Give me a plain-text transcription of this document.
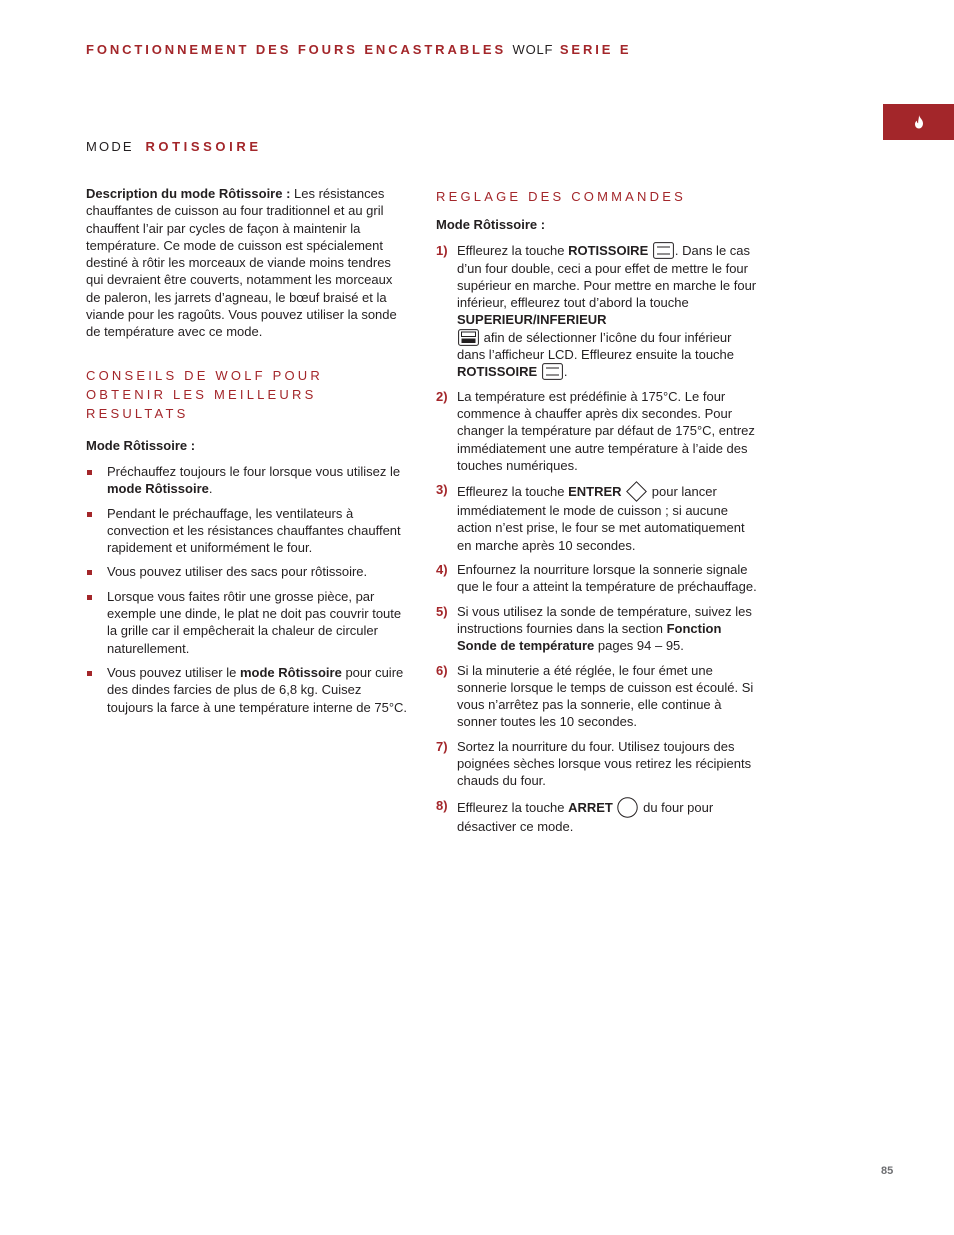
FONCTIONNEMENT DES FOURS ENCASTRABLES WOLF SERIE E
MODE ROTISSOIRE

Description du mode Rôtissoire : Les résistances chauffantes de cuisson au four traditionnel et au gril chauffent l’air par cycles de façon à maintenir la température. Ce mode de cuisson est spécialement destiné à rôtir les morceaux de viande moins tendres qui devraient être couverts, notamment les morceaux de paleron, les jarrets d’agneau, le bœuf braisé et la viande pour les ragoûts. Vous pouvez utiliser la sonde de température avec ce mode.

CONSEILS DE WOLF POUR OBTENIR LES MEILLEURS RESULTATS

Mode Rôtissoire :

Préchauffez toujours le four lorsque vous utilisez le mode Rôtissoire.
Pendant le préchauffage, les ventilateurs à convection et les résistances chauffantes chauffent rapidement et uniformément le four.
Vous pouvez utiliser des sacs pour rôtissoire.
Lorsque vous faites rôtir une grosse pièce, par exemple une dinde, le plat ne doit pas couvrir toute la grille car il empêcherait la chaleur de circuler naturellement.
Vous pouvez utiliser le mode Rôtissoire pour cuire des dindes farcies de plus de 6,8 kg. Cuisez toujours la farce à une température interne de 75°C.

REGLAGE DES COMMANDES

Mode Rôtissoire :

1) Effleurez la touche ROTISSOIRE . Dans le cas d’un four double, ceci a pour effet de mettre le four supérieur en marche. Pour mettre en marche le four inférieur, effleurez tout d’abord la touche SUPERIEUR/INFERIEUR
afin de sélectionner l’icône du four inférieur dans l’afficheur LCD. Effleurez ensuite la touche ROTISSOIRE .
2) La température est prédéfinie à 175°C. Le four commence à chauffer après dix secondes. Pour changer la température par défaut de 175°C, entrez immédiatement une autre température à l’aide des touches numériques.
3) Effleurez la touche ENTRER  pour lancer immédiatement le mode de cuisson ; si aucune action n’est prise, le four se met automatiquement en marche après 10 secondes.
4) Enfournez la nourriture lorsque la sonnerie signale que le four a atteint la température de préchauffage.
5) Si vous utilisez la sonde de température, suivez les instructions fournies dans la section Fonction Sonde de température pages 94 – 95.
6) Si la minuterie a été réglée, le four émet une sonnerie lorsque le temps de cuisson est écoulé. Si vous n’arrêtez pas la sonnerie, elle continue à sonner toutes les 10 secondes.
7) Sortez la nourriture du four. Utilisez toujours des poignées sèches lorsque vous retirez les récipients chauds du four.
8) Effleurez la touche ARRET  du four pour désactiver ce mode.
85
